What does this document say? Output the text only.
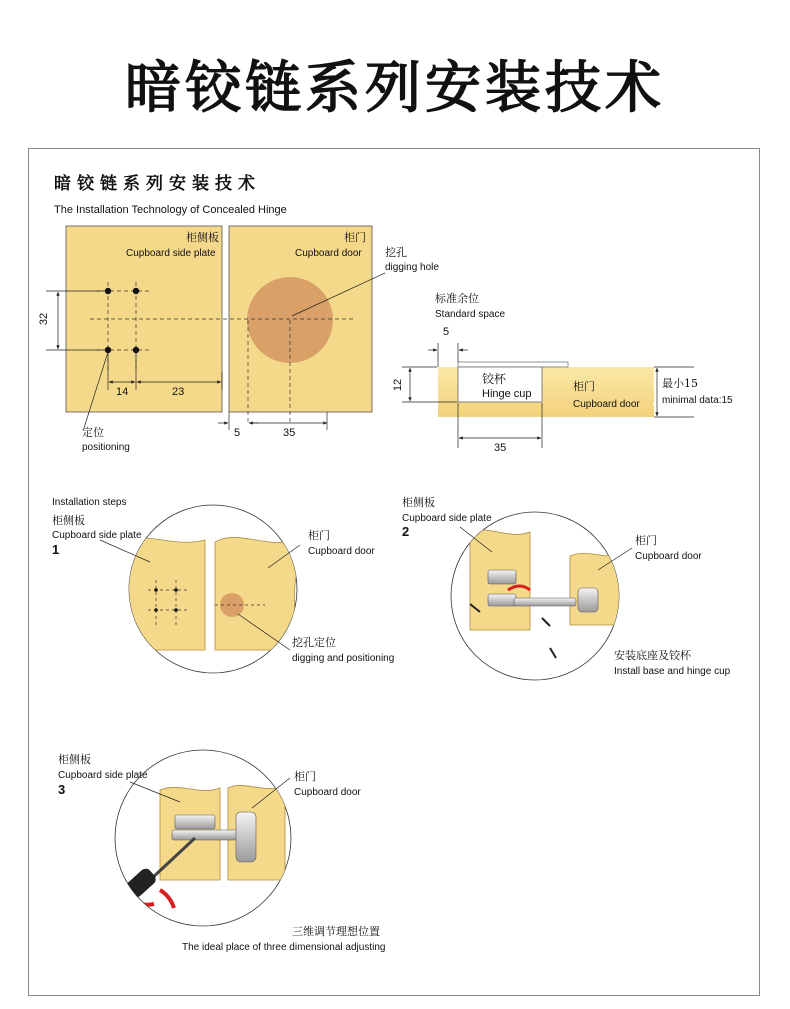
暗铰链系列安装技术
暗铰链系列安装技术
The Installation Technology of Concealed Hinge
柜侧板
Cupboard side plate
柜门
Cupboard door 挖孔
digging hole
32
14	23
5	35
定位
positioning
标准余位
Standard space
5
12	铰杯
Hinge cup
柜门
Cupboard door
最小15
minimal data:15
35
Installation steps
柜侧板
Cupboard side plate
1
柜门
Cupboard door
挖孔定位
digging and positioning
柜侧板
Cupboard side plate
2
柜门
Cupboard door
安装底座及铰杯
Install base and hinge cup
柜侧板
Cupboard side plate
3
柜门
Cupboard door
三维调节理想位置
The ideal place of three dimensional adjusting
